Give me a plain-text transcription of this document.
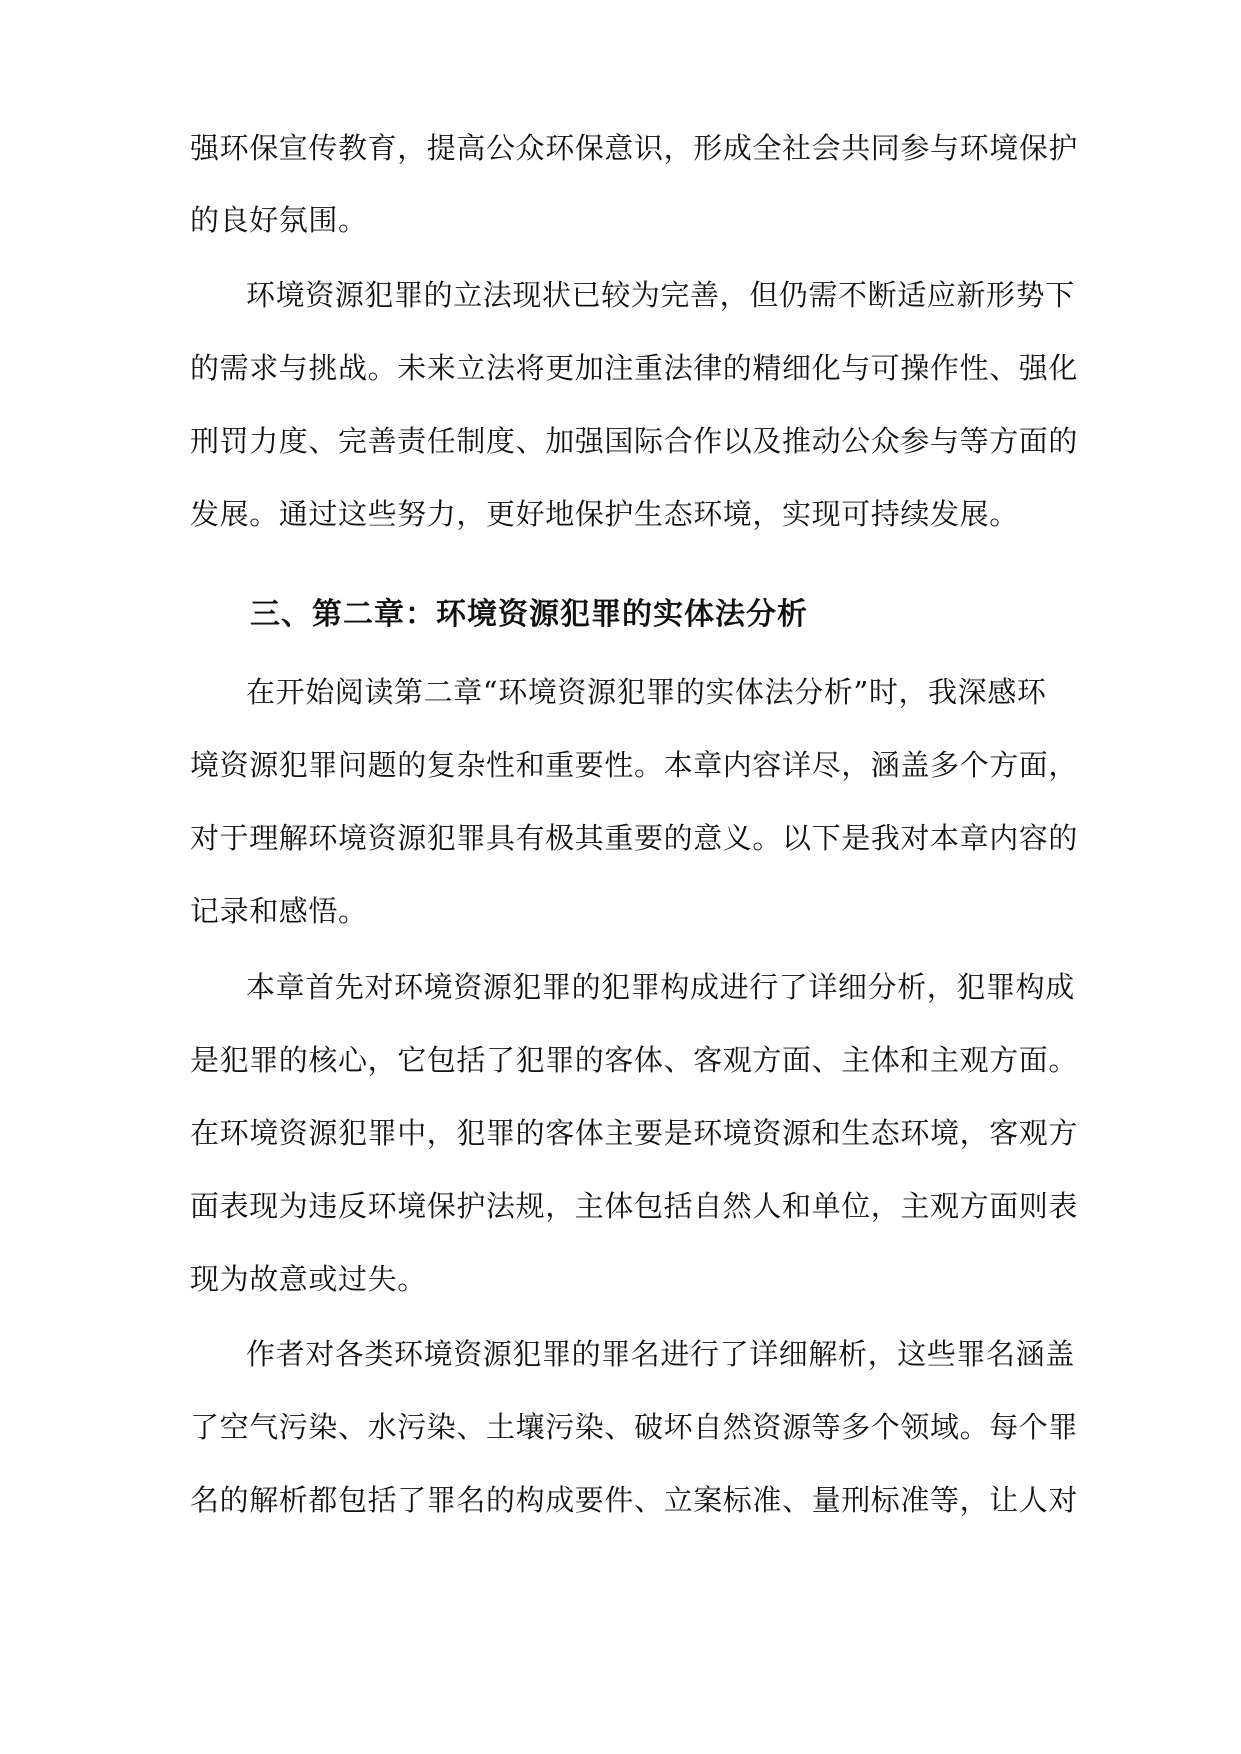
强环保宣传教育，提高公众环保意识，形成全社会共同参与环境保护
的良好氛围。
环境资源犯罪的立法现状已较为完善，但仍需不断适应新形势下
的需求与挑战。未来立法将更加注重法律的精细化与可操作性、强化
刑罚力度、完善责任制度、加强国际合作以及推动公众参与等方面的
发展。通过这些努力，更好地保护生态环境，实现可持续发展。
三、第二章：环境资源犯罪的实体法分析
在开始阅读第二章“环境资源犯罪的实体法分析”时，我深感环
境资源犯罪问题的复杂性和重要性。本章内容详尽，涵盖多个方面，
对于理解环境资源犯罪具有极其重要的意义。以下是我对本章内容的
记录和感悟。
本章首先对环境资源犯罪的犯罪构成进行了详细分析，犯罪构成
是犯罪的核心，它包括了犯罪的客体、客观方面、主体和主观方面。
在环境资源犯罪中，犯罪的客体主要是环境资源和生态环境，客观方
面表现为违反环境保护法规，主体包括自然人和单位，主观方面则表
现为故意或过失。
作者对各类环境资源犯罪的罪名进行了详细解析，这些罪名涵盖
了空气污染、水污染、土壤污染、破坏自然资源等多个领域。每个罪
名的解析都包括了罪名的构成要件、立案标准、量刑标准等，让人对
